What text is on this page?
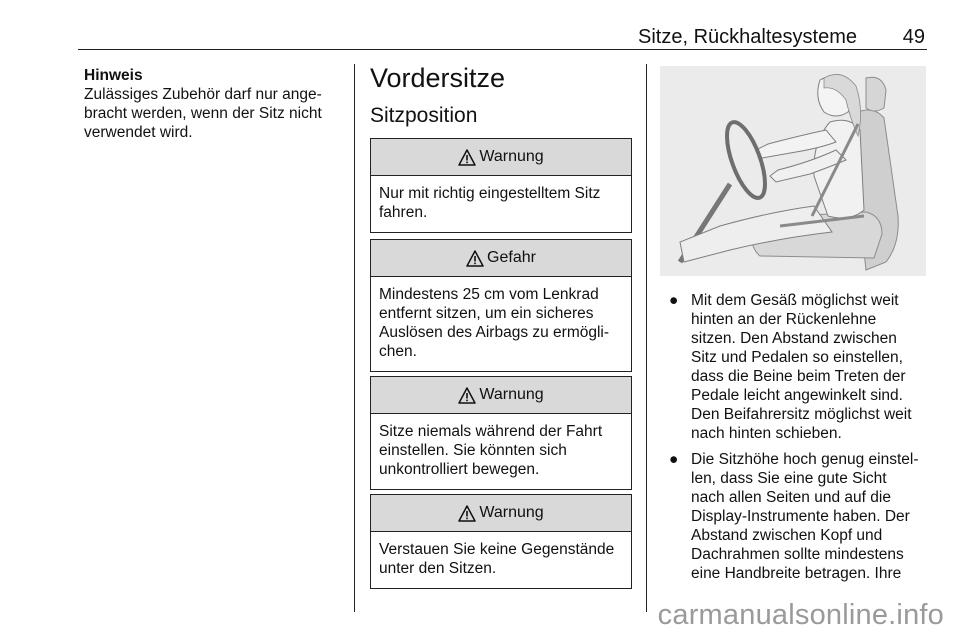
Sitze, Rückhaltesysteme 49
Hinweis
Zulässiges Zubehör darf nur ange-
bracht werden, wenn der Sitz nicht
verwendet wird.
Vordersitze
Sitzposition
Warnung
Nur mit richtig eingestelltem Sitz
fahren.
Gefahr
Mindestens 25 cm vom Lenkrad
entfernt sitzen, um ein sicheres
Auslösen des Airbags zu ermögli-
chen.
Warnung
Sitze niemals während der Fahrt
einstellen. Sie könnten sich
unkontrolliert bewegen.
Warnung
Verstauen Sie keine Gegenstände
unter den Sitzen.
● Mit dem Gesäß möglichst weit
hinten an der Rückenlehne
sitzen. Den Abstand zwischen
Sitz und Pedalen so einstellen,
dass die Beine beim Treten der
Pedale leicht angewinkelt sind.
Den Beifahrersitz möglichst weit
nach hinten schieben.
● Die Sitzhöhe hoch genug einstel-
len, dass Sie eine gute Sicht
nach allen Seiten und auf die
Display-Instrumente haben. Der
Abstand zwischen Kopf und
Dachrahmen sollte mindestens
eine Handbreite betragen. Ihre
carmanualsonline.info
